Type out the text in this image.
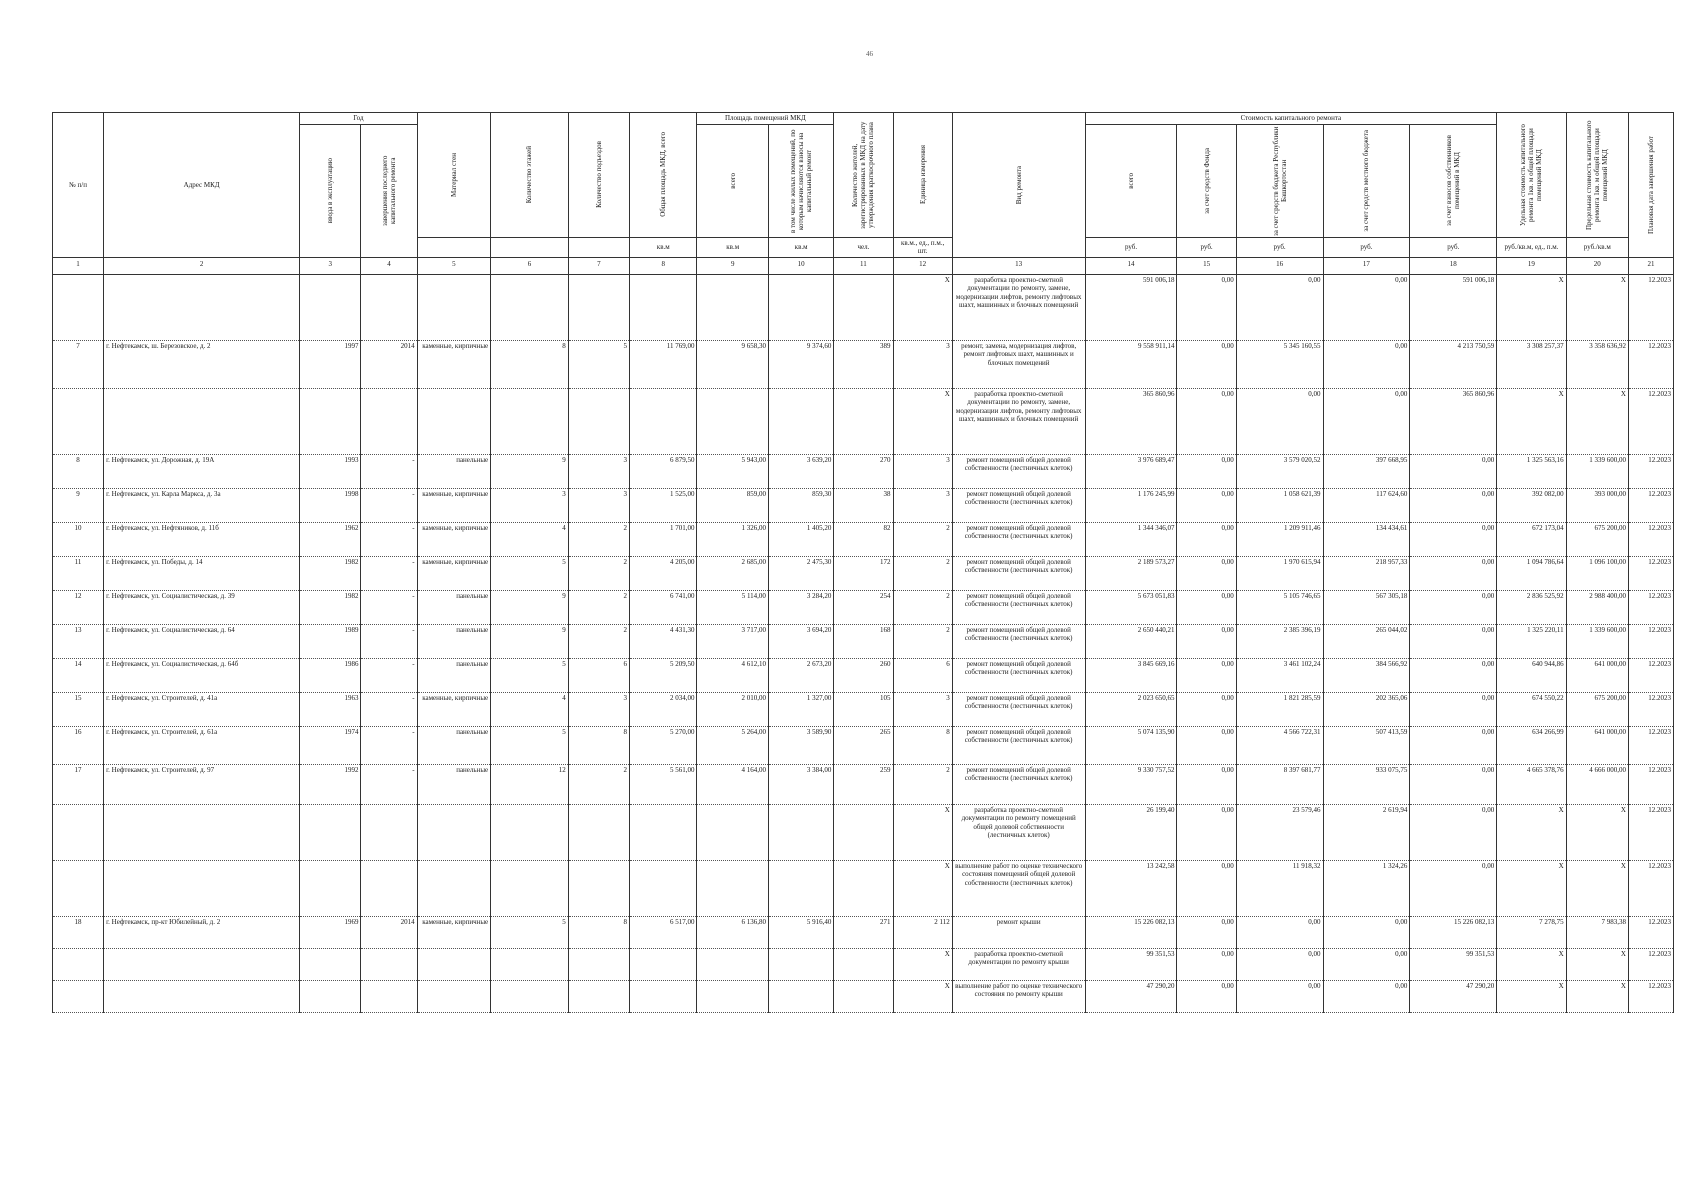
46
№ п/п	Адрес МКД	Год		Материал стен	Количество этажей	Количество подъездов	Общая площадь МКД, всего	Площадь помещений МКД		Количество жителей, зарегистрированных в МКД на дату утверждения краткосрочного плана	Единица измерения	Вид ремонта	Стоимость капитального ремонта					Удельная стоимость капитального ремонта 1кв. м общей площади помещений МКД	Предельная стоимость капитального ремонта 1кв. м общей площади помещений МКД	Плановая дата завершения работ

		ввода в эксплуатацию	завершения последнего капитального ремонта					всего	в том числе жилых помещений, по которым начисляются взносы на капитальный ремонт				всего	за счет средств Фонда	за счет средств бюджета Республики Башкортостан	за счет средств местного бюджета	за счет взносов собственников помещений в МКД			

							кв.м	кв.м	кв.м	чел.	кв.м., ед., п.м., шт.		руб.	руб.	руб.	руб.	руб.	руб./кв.м, ед., п.м.	руб./кв.м	
1	2	3	4	5	6	7	8	9	10	11	12	13	14	15	16	17	18	19	20	21
											X	разработка проектно-сметной документации по ремонту, замене, модернизации лифтов, ремонту лифтовых шахт, машинных и блочных помещений	591 006,18	0,00	0,00	0,00	591 006,18	X	X	12.2023
7	г. Нефтекамск, ш. Березовское, д. 2	1997	2014	каменные, кирпичные	8	5	11 769,00	9 658,30	9 374,60	389	3	ремонт, замена, модернизация лифтов, ремонт лифтовых шахт, машинных и блочных помещений	9 558 911,14	0,00	5 345 160,55	0,00	4 213 750,59	3 308 257,37	3 358 636,92	12.2023
											X	разработка проектно-сметной документации по ремонту, замене, модернизации лифтов, ремонту лифтовых шахт, машинных и блочных помещений	365 860,96	0,00	0,00	0,00	365 860,96	X	X	12.2023
8	г. Нефтекамск, ул. Дорожная, д. 19А	1993	-	панельные	9	3	6 879,50	5 943,00	3 639,20	270	3	ремонт помещений общей долевой собственности (лестничных клеток)	3 976 689,47	0,00	3 579 020,52	397 668,95	0,00	1 325 563,16	1 339 600,00	12.2023
9	г. Нефтекамск, ул. Карла Маркса, д. 3а	1998	-	каменные, кирпичные	3	3	1 525,00	859,00	859,30	38	3	ремонт помещений общей долевой собственности (лестничных клеток)	1 176 245,99	0,00	1 058 621,39	117 624,60	0,00	392 082,00	393 000,00	12.2023
10	г. Нефтекамск, ул. Нефтяников, д. 11б	1962	-	каменные, кирпичные	4	2	1 701,00	1 326,00	1 405,20	82	2	ремонт помещений общей долевой собственности (лестничных клеток)	1 344 346,07	0,00	1 209 911,46	134 434,61	0,00	672 173,04	675 200,00	12.2023
11	г. Нефтекамск, ул. Победы, д. 14	1982	-	каменные, кирпичные	5	2	4 205,00	2 685,00	2 475,30	172	2	ремонт помещений общей долевой собственности (лестничных клеток)	2 189 573,27	0,00	1 970 615,94	218 957,33	0,00	1 094 786,64	1 096 100,00	12.2023
12	г. Нефтекамск, ул. Социалистическая, д. 39	1982	-	панельные	9	2	6 741,00	5 114,00	3 284,20	254	2	ремонт помещений общей долевой собственности (лестничных клеток)	5 673 051,83	0,00	5 105 746,65	567 305,18	0,00	2 836 525,92	2 988 400,00	12.2023
13	г. Нефтекамск, ул. Социалистическая, д. 64	1989	-	панельные	9	2	4 431,30	3 717,00	3 694,20	168	2	ремонт помещений общей долевой собственности (лестничных клеток)	2 650 440,21	0,00	2 385 396,19	265 044,02	0,00	1 325 220,11	1 339 600,00	12.2023
14	г. Нефтекамск, ул. Социалистическая, д. 64б	1986	-	панельные	5	6	5 209,50	4 612,10	2 673,20	260	6	ремонт помещений общей долевой собственности (лестничных клеток)	3 845 669,16	0,00	3 461 102,24	384 566,92	0,00	640 944,86	641 000,00	12.2023
15	г. Нефтекамск, ул. Строителей, д. 41а	1963	-	каменные, кирпичные	4	3	2 034,00	2 010,00	1 327,00	105	3	ремонт помещений общей долевой собственности (лестничных клеток)	2 023 650,65	0,00	1 821 285,59	202 365,06	0,00	674 550,22	675 200,00	12.2023
16	г. Нефтекамск, ул. Строителей, д. 61а	1974	-	панельные	5	8	5 270,00	5 264,00	3 589,90	265	8	ремонт помещений общей долевой собственности (лестничных клеток)	5 074 135,90	0,00	4 566 722,31	507 413,59	0,00	634 266,99	641 000,00	12.2023
17	г. Нефтекамск, ул. Строителей, д. 97	1992	-	панельные	12	2	5 561,00	4 164,00	3 384,00	259	2	ремонт помещений общей долевой собственности (лестничных клеток)	9 330 757,52	0,00	8 397 681,77	933 075,75	0,00	4 665 378,76	4 666 000,00	12.2023
											X	разработка проектно-сметной документации по ремонту помещений общей долевой собственности (лестничных клеток)	26 199,40	0,00	23 579,46	2 619,94	0,00	X	X	12.2023
											X	выполнение работ по оценке технического состояния помещений общей долевой собственности (лестничных клеток)	13 242,58	0,00	11 918,32	1 324,26	0,00	X	X	12.2023
18	г. Нефтекамск, пр-кт Юбилейный, д. 2	1969	2014	каменные, кирпичные	5	8	6 517,00	6 136,80	5 916,40	271	2 112	ремонт крыши	15 226 082,13	0,00	0,00	0,00	15 226 082,13	7 278,75	7 983,38	12.2023
											X	разработка проектно-сметной документации по ремонту крыши	99 351,53	0,00	0,00	0,00	99 351,53	X	X	12.2023
											X	выполнение работ по оценке технического состояния по ремонту крыши	47 290,20	0,00	0,00	0,00	47 290,20	X	X	12.2023
